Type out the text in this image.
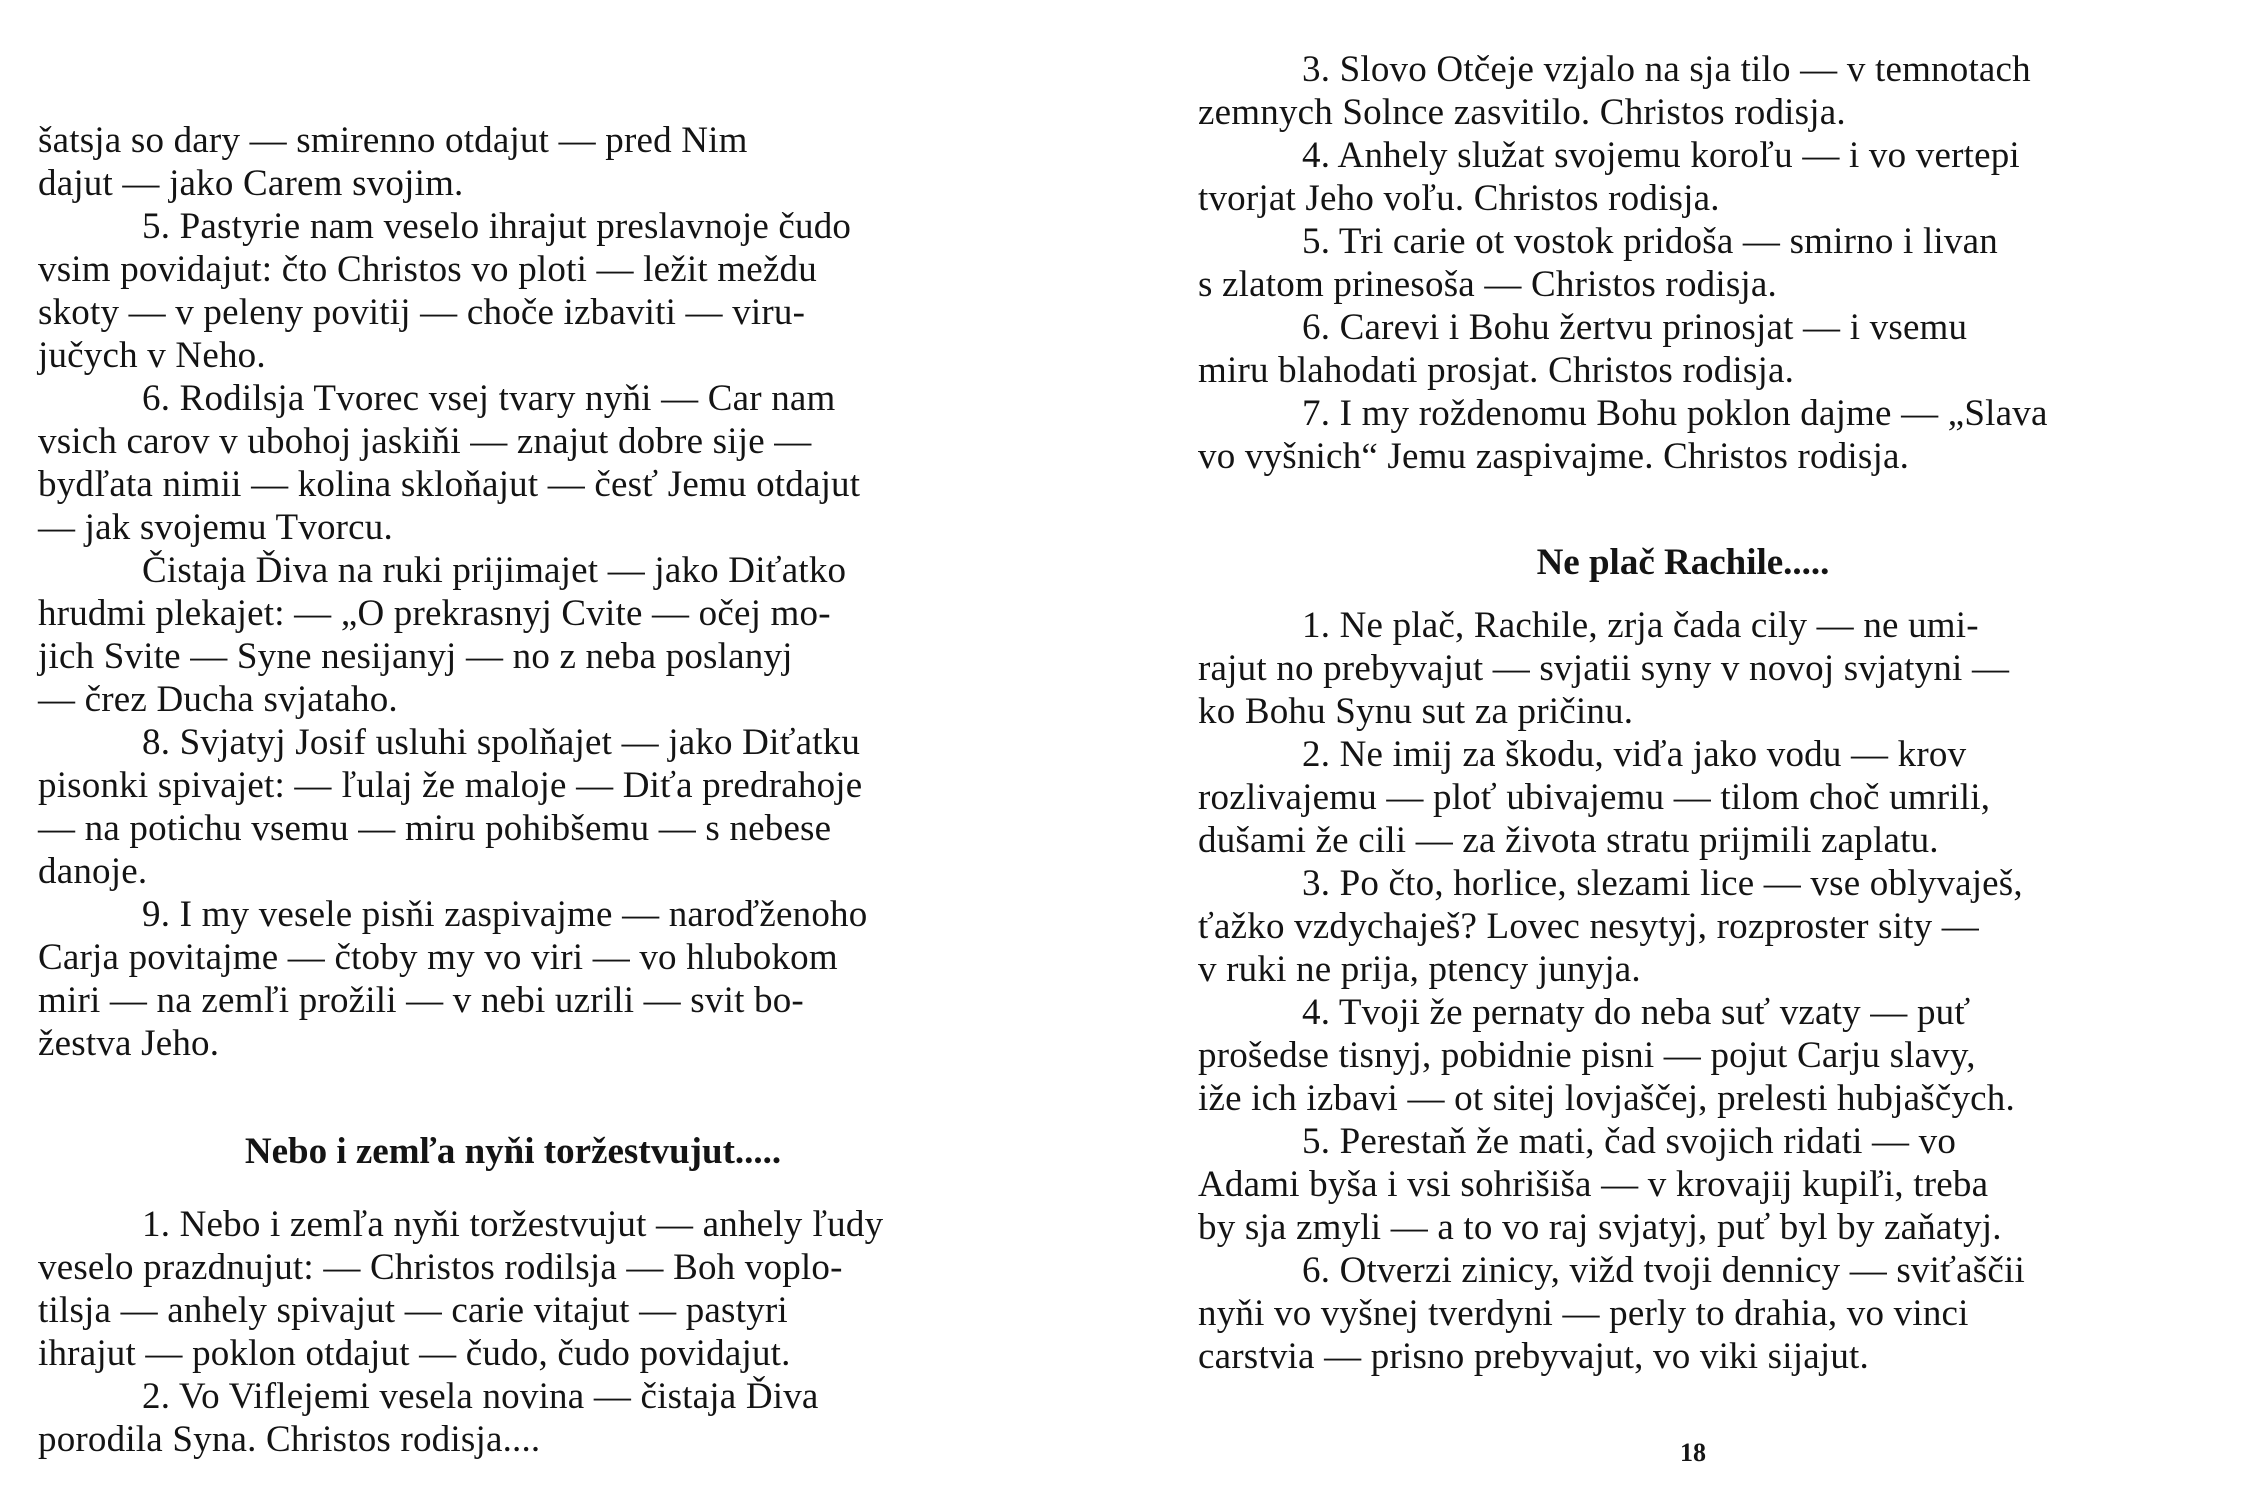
šatsja so dary — smirenno otdajut — pred Nim
dajut — jako Carem svojim.
5. Pastyrie nam veselo ihrajut preslavnoje čudo
vsim povidajut: čto Christos vo ploti — ležit meždu
skoty — v peleny povitij — choče izbaviti — viru-
jučych v Neho.
6. Rodilsja Tvorec vsej tvary nyňi — Car nam
vsich carov v ubohoj jaskiňi — znajut dobre sije —
bydľata nimii — kolina skloňajut — česť Jemu otdajut
— jak svojemu Tvorcu.
Čistaja Ďiva na ruki prijimajet — jako Diťatko
hrudmi plekajet: — „O prekrasnyj Cvite — očej mo-
jich Svite — Syne nesijanyj — no z neba poslanyj
— črez Ducha svjataho.
8. Svjatyj Josif usluhi spolňajet — jako Diťatku
pisonki spivajet: — ľulaj že maloje — Diťa predrahoje
— na potichu vsemu — miru pohibšemu — s nebese
danoje.
9. I my vesele pisňi zaspivajme — naroďženoho
Carja povitajme — čtoby my vo viri — vo hlubokom
miri — na zemľi prožili — v nebi uzrili — svit bo-
žestva Jeho.
Nebo i zemľa nyňi toržestvujut.....
1. Nebo i zemľa nyňi toržestvujut — anhely ľudy
veselo prazdnujut: — Christos rodilsja — Boh voplo-
tilsja — anhely spivajut — carie vitajut — pastyri
ihrajut — poklon otdajut — čudo, čudo povidajut.
2. Vo Viflejemi vesela novina — čistaja Ďiva
porodila Syna. Christos rodisja....
3. Slovo Otčeje vzjalo na sja tilo — v temnotach
zemnych Solnce zasvitilo. Christos rodisja.
4. Anhely služat svojemu koroľu — i vo vertepi
tvorjat Jeho voľu. Christos rodisja.
5. Tri carie ot vostok pridoša — smirno i livan
s zlatom prinesoša — Christos rodisja.
6. Carevi i Bohu žertvu prinosjat — i vsemu
miru blahodati prosjat. Christos rodisja.
7. I my roždenomu Bohu poklon dajme — „Slava
vo vyšnich“ Jemu zaspivajme. Christos rodisja.
Ne plač Rachile.....
1. Ne plač, Rachile, zrja čada cily — ne umi-
rajut no prebyvajut — svjatii syny v novoj svjatyni —
ko Bohu Synu sut za pričinu.
2. Ne imij za škodu, viďa jako vodu — krov
rozlivajemu — ploť ubivajemu — tilom choč umrili,
dušami že cili — za života stratu prijmili zaplatu.
3. Po čto, horlice, slezami lice — vse oblyvaješ,
ťažko vzdychaješ? Lovec nesytyj, rozproster sity —
v ruki ne prija, ptency junyja.
4. Tvoji že pernaty do neba suť vzaty — puť
prošedse tisnyj, pobidnie pisni — pojut Carju slavy,
iže ich izbavi — ot sitej lovjaščej, prelesti hubjaščych.
5. Perestaň že mati, čad svojich ridati — vo
Adami byša i vsi sohrišiša — v krovajij kupiľi, treba
by sja zmyli — a to vo raj svjatyj, puť byl by zaňatyj.
6. Otverzi zinicy, vižd tvoji dennicy — sviťaščii
nyňi vo vyšnej tverdyni — perly to drahia, vo vinci
carstvia — prisno prebyvajut, vo viki sijajut.
18
